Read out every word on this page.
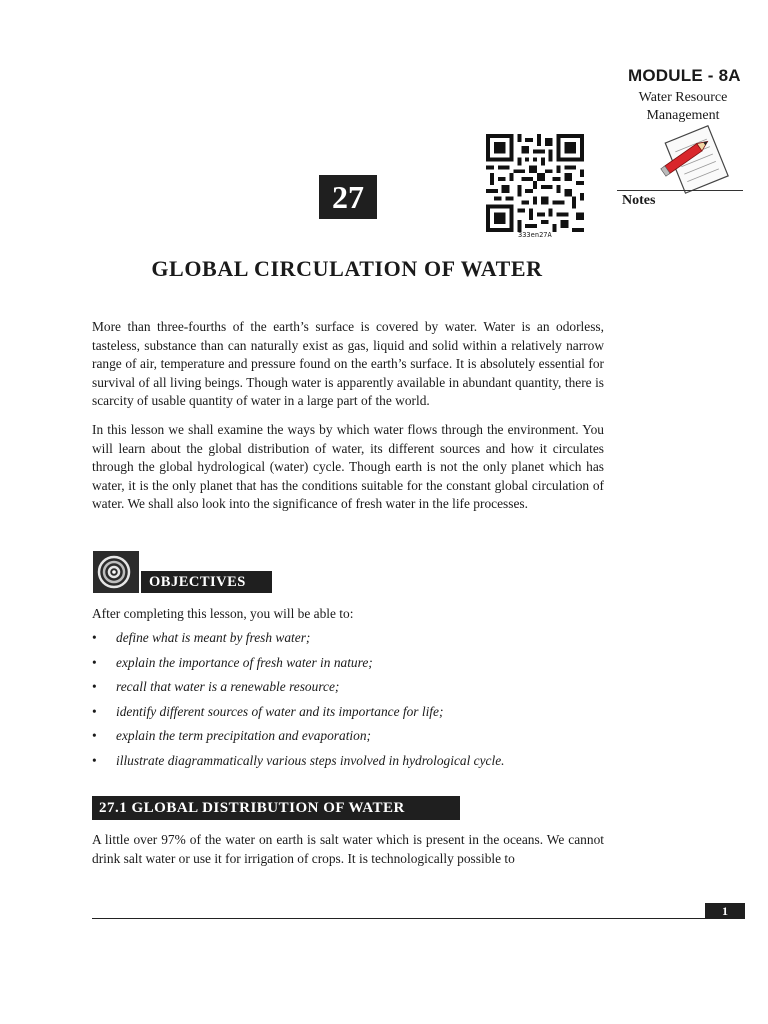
MODULE - 8A
Water Resource
Management
Notes
333en27A
27
GLOBAL CIRCULATION OF WATER

More than three-fourths of the earth’s surface is covered by water. Water is an odorless, tasteless, substance than can naturally exist as gas, liquid and solid within a relatively narrow range of air, temperature and pressure found on the earth’s surface. It is absolutely essential for survival of all living beings. Though water is apparently available in abundant quantity, there is scarcity of usable quantity of water in a large part of the world.

In this lesson we shall examine the ways by which water flows through the environment. You will learn about the global distribution of water, its different sources and how it circulates through the global hydrological (water) cycle. Though earth is not the only planet which has water, it is the only planet that has the conditions suitable for the constant global circulation of water. We shall also look into the significance of fresh water in the life processes.

OBJECTIVES
After completing this lesson, you will be able to:
• define what is meant by fresh water;
• explain the importance of fresh water in nature;
• recall that water is a renewable resource;
• identify different sources of water and its importance for life;
• explain the term precipitation and evaporation;
• illustrate diagrammatically various steps involved in hydrological cycle.
27.1 GLOBAL DISTRIBUTION OF WATER

A little over 97% of the water on earth is salt water which is present in the oceans. We cannot drink salt water or use it for irrigation of crops. It is technologically possible to

1
